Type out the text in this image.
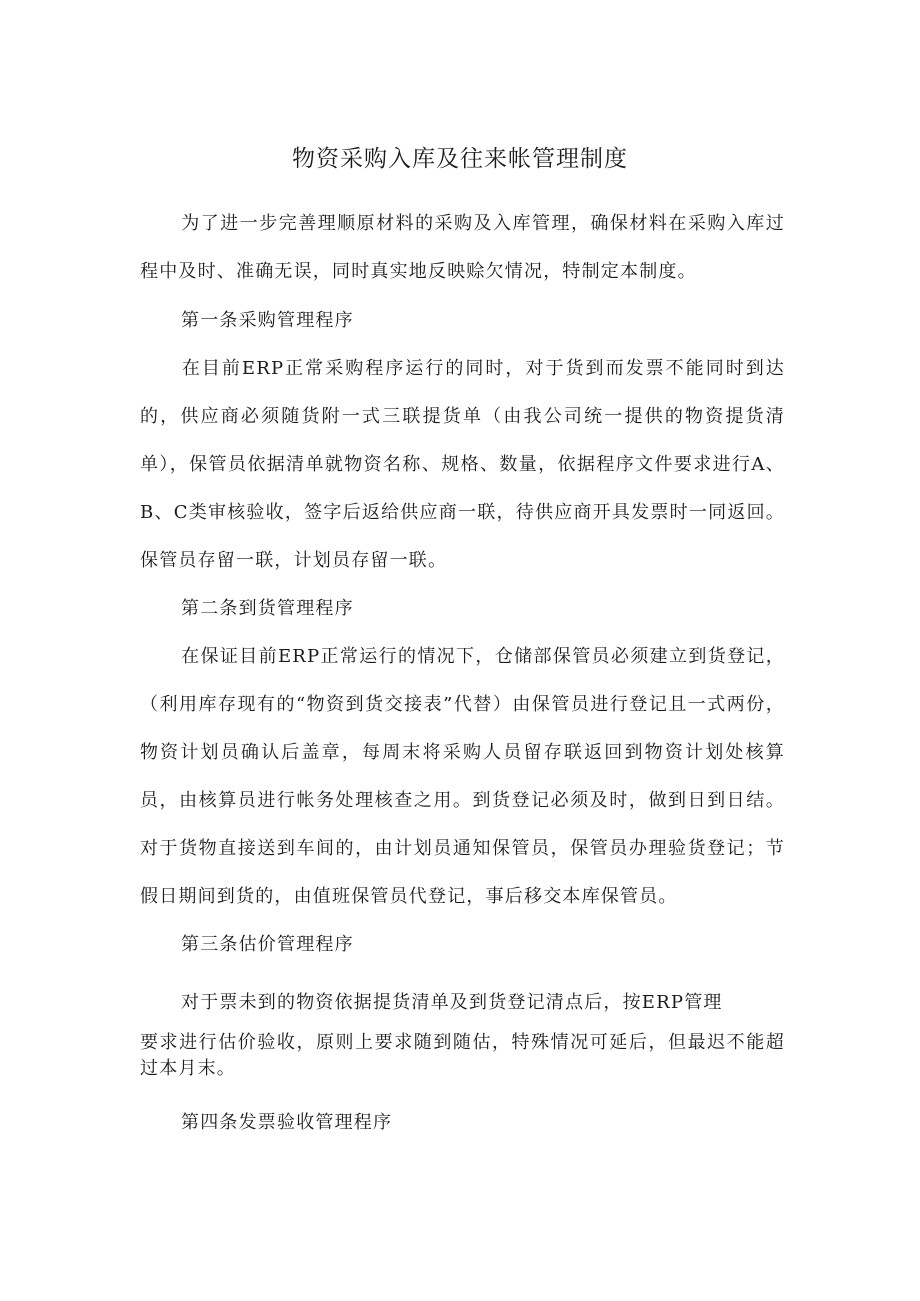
物资采购入库及往来帐管理制度

为了进一步完善理顺原材料的采购及入库管理，确保材料在采购入库过程中及时、准确无误，同时真实地反映赊欠情况，特制定本制度。

第一条采购管理程序

在目前ERP正常采购程序运行的同时，对于货到而发票不能同时到达的，供应商必须随货附一式三联提货单（由我公司统一提供的物资提货清单），保管员依据清单就物资名称、规格、数量，依据程序文件要求进行A、B、C类审核验收，签字后返给供应商一联，待供应商开具发票时一同返回。保管员存留一联，计划员存留一联。

第二条到货管理程序

在保证目前ERP正常运行的情况下，仓储部保管员必须建立到货登记，（利用库存现有的“物资到货交接表”代替）由保管员进行登记且一式两份，物资计划员确认后盖章，每周末将采购人员留存联返回到物资计划处核算员，由核算员进行帐务处理核查之用。到货登记必须及时，做到日到日结。对于货物直接送到车间的，由计划员通知保管员，保管员办理验货登记；节假日期间到货的，由值班保管员代登记，事后移交本库保管员。

第三条估价管理程序

对于票未到的物资依据提货清单及到货登记清点后，按ERP管理

要求进行估价验收，原则上要求随到随估，特殊情况可延后，但最迟不能超过本月末。

第四条发票验收管理程序
